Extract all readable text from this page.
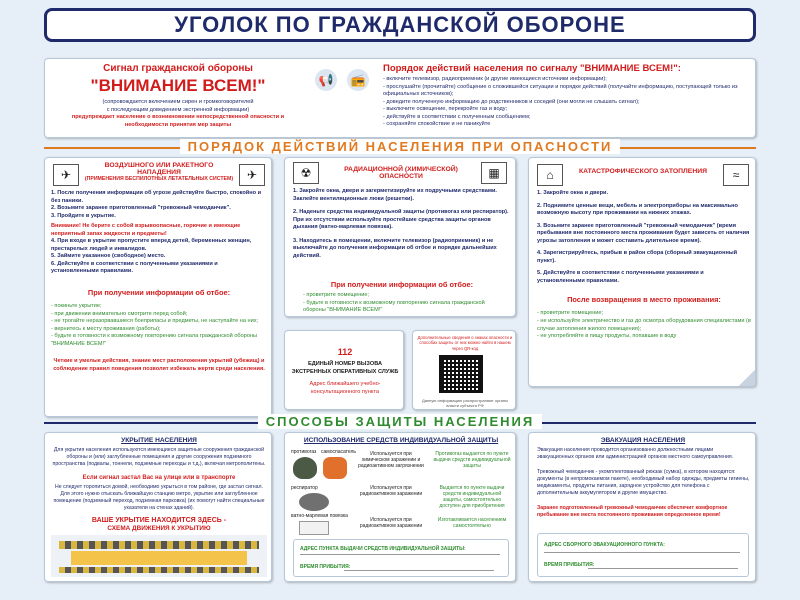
УГОЛОК ПО ГРАЖДАНСКОЙ ОБОРОНЕ
Сигнал гражданской обороны
"ВНИМАНИЕ ВСЕМ!"
(сопровождается включением сирен и громкоговорителей
с последующим доведением экстренной информации)
предупреждает население о возникновении непосредственной опасности и необходимости принятия мер защиты
📢 📻
Порядок действий населения по сигналу "ВНИМАНИЕ ВСЕМ!":
- включите телевизор, радиоприемник (и другие имеющиеся источники информации);
- прослушайте (прочитайте) сообщение о сложившейся ситуации и порядке действий (получайте информацию, поступающей только из официальных источников);
- доведите полученную информацию до родственников и соседей (они могли не слышать сигнал);
- выключите освещение, перекройте газ и воду;
- действуйте в соответствии с полученным сообщением;
- сохраняйте спокойствие и не паникуйте
ПОРЯДОК ДЕЙСТВИЙ НАСЕЛЕНИЯ ПРИ ОПАСНОСТИ
✈	✈
ВОЗДУШНОГО ИЛИ РАКЕТНОГО НАПАДЕНИЯ
(ПРИМЕНЕНИЯ БЕСПИЛОТНЫХ ЛЕТАТЕЛЬНЫХ СИСТЕМ)
1. После получения информации об угрозе действуйте быстро, спокойно и без паники.
2. Возьмите заранее приготовленный "тревожный чемоданчик".
3. Пройдите в укрытие.
Внимание! Не берите с собой взрывоопасные, горючие и имеющие неприятный запах жидкости и предметы!
4. При входе в укрытие пропустите вперед детей, беременных женщин, престарелых людей и инвалидов.
5. Займите указанное (свободное) место.
6. Действуйте в соответствии с полученными указаниями и установленными правилами.
При получении информации об отбое:
- покиньте укрытие;
- при движении внимательно смотрите перед собой;
- не трогайте неразорвавшиеся боеприпасы и предметы, не наступайте на них;
- вернитесь к месту проживания (работы);
- будьте в готовности к возможному повторению сигнала гражданской обороны "ВНИМАНИЕ ВСЕМ!"
Четкие и умелые действия, знание мест расположения укрытий (убежищ) и соблюдение правил поведения позволят избежать жертв среди населения.
☢	▦
РАДИАЦИОННОЙ (ХИМИЧЕСКОЙ) ОПАСНОСТИ
1. Закройте окна, двери и загерметизируйте их подручными средствами. Заклейте вентиляционные люки (решетки).
2. Наденьте средства индивидуальной защиты (противогаз или респиратор). При их отсутствии используйте простейшие средства защиты органов дыхания (ватно-марлевая повязка).
3. Находитесь в помещении, включите телевизор (радиоприемник) и не выключайте до получения информации об отбое и порядке дальнейших действий.
При получении информации об отбое:
- проветрите помещение;
- будьте в готовности к возможному повторению сигнала гражданской обороны "ВНИМАНИЕ ВСЕМ!"
112
ЕДИНЫЙ НОМЕР ВЫЗОВА
ЭКСТРЕННЫХ ОПЕРАТИВНЫХ СЛУЖБ
Адрес ближайшего учебно-консультационного пункта
Дополнительные сведения о знаках опасности и способах защиты от них можно найти в нашем через QR-код
Данную информацию распространяют органы власти субъекта РФ
⌂	≈
КАТАСТРОФИЧЕСКОГО ЗАТОПЛЕНИЯ
1. Закройте окна и двери.
2. Поднимите ценные вещи, мебель и электроприборы на максимально возможную высоту при проживании на нижних этажах.
3. Возьмите заранее приготовленный "тревожный чемоданчик" (время пребывания вне постоянного места проживания будет зависеть от наличия угрозы затопления и может составить длительное время).
4. Зарегистрируйтесь, прибыв в район сбора (сборный эвакуационный пункт).
5. Действуйте в соответствии с полученными указаниями и установленными правилами.
После возвращения в место проживания:
- проветрите помещение;
- не используйте электричество и газ до осмотра оборудования специалистами (в случае затопления жилого помещения);
- не употребляйте в пищу продукты, попавшие в воду
СПОСОБЫ ЗАЩИТЫ НАСЕЛЕНИЯ
УКРЫТИЕ НАСЕЛЕНИЯ
Для укрытия населения используются имеющиеся защитные сооружения гражданской обороны и (или) заглубленные помещения и другие сооружения подземного пространства (подвалы, тоннели, подземные переходы и т.д.), включая метрополитены.
Если сигнал застал Вас на улице или в транспорте
Не следует торопиться домой, необходимо укрыться в том районе, где застал сигнал. Для этого нужно отыскать ближайшую станцию метро, укрытие или заглубленное помещение (подземный переход, подземная парковка) (их помогут найти специальные указатели на стенах зданий).
ВАШЕ УКРЫТИЕ НАХОДИТСЯ ЗДЕСЬ -
СХЕМА ДВИЖЕНИЯ К УКРЫТИЮ
ИСПОЛЬЗОВАНИЕ СРЕДСТВ ИНДИВИДУАЛЬНОЙ ЗАЩИТЫ
противогаз самоспасатель
респиратор
ватно-марлевая повязка
Используется при химическом заражении и радиоактивном загрязнении
Противогаз выдается по пункте выдачи средств индивидуальной защиты
Используется при радиоактивном заражении
Выдается по пункте выдачи средств индивидуальной защиты, самостоятельно доступен для приобретения
Используется при радиоактивном заражении
Изготавливается населением самостоятельно
АДРЕС ПУНКТА ВЫДАЧИ СРЕДСТВ ИНДИВИДУАЛЬНОЙ ЗАЩИТЫ:
ВРЕМЯ ПРИБЫТИЯ:
ЭВАКУАЦИЯ НАСЕЛЕНИЯ
Эвакуация населения проводится организованно должностными лицами эвакуационных органов или администрацией органов местного самоуправления.
Тревожный чемоданчик - укомплектованный рюкзак (сумка), в котором находятся: документы (в непромокаемом пакете), необходимый набор одежды, предметы гигиены, медикаменты, продукты питания, зарядное устройство для телефона с дополнительным аккумулятором и другие имущество.
Заранее подготовленный тревожный чемоданчик обеспечит комфортное пребывание вне места постоянного проживания определенное время!
АДРЕС СБОРНОГО ЭВАКУАЦИОННОГО ПУНКТА:
ВРЕМЯ ПРИБЫТИЯ:
